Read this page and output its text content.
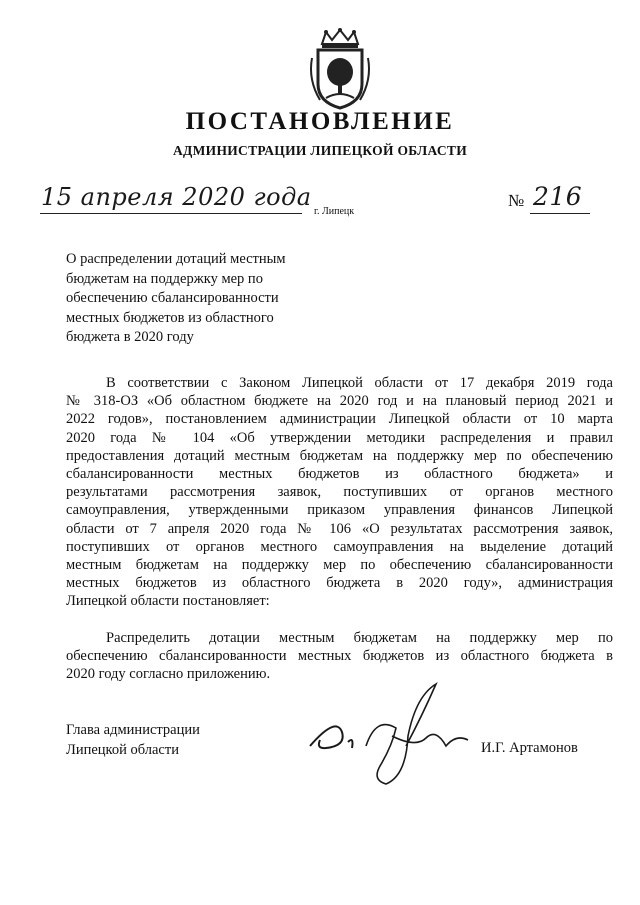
ПОСТАНОВЛЕНИЕ
АДМИНИСТРАЦИИ ЛИПЕЦКОЙ ОБЛАСТИ
15 апреля 2020 года
г. Липецк
№ 216
О распределении дотаций местным
бюджетам на поддержку мер по
обеспечению сбалансированности
местных бюджетов из областного
бюджета в 2020 году
В соответствии с Законом Липецкой области от 17 декабря 2019 года
№ 318-ОЗ «Об областном бюджете на 2020 год и на плановый период 2021 и
2022 годов», постановлением администрации Липецкой области от 10 марта
2020 года № 104 «Об утверждении методики распределения и правил
предоставления дотаций местным бюджетам на поддержку мер по обеспечению
сбалансированности местных бюджетов из областного бюджета» и
результатами рассмотрения заявок, поступивших от органов местного
самоуправления, утвержденными приказом управления финансов Липецкой
области от 7 апреля 2020 года № 106 «О результатах рассмотрения заявок,
поступивших от органов местного самоуправления на выделение дотаций
местным бюджетам на поддержку мер по обеспечению сбалансированности
местных бюджетов из областного бюджета в 2020 году», администрация
Липецкой области постановляет:
Распределить дотации местным бюджетам на поддержку мер по
обеспечению сбалансированности местных бюджетов из областного бюджета в
2020 году согласно приложению.
Глава администрации
Липецкой области	И.Г. Артамонов
